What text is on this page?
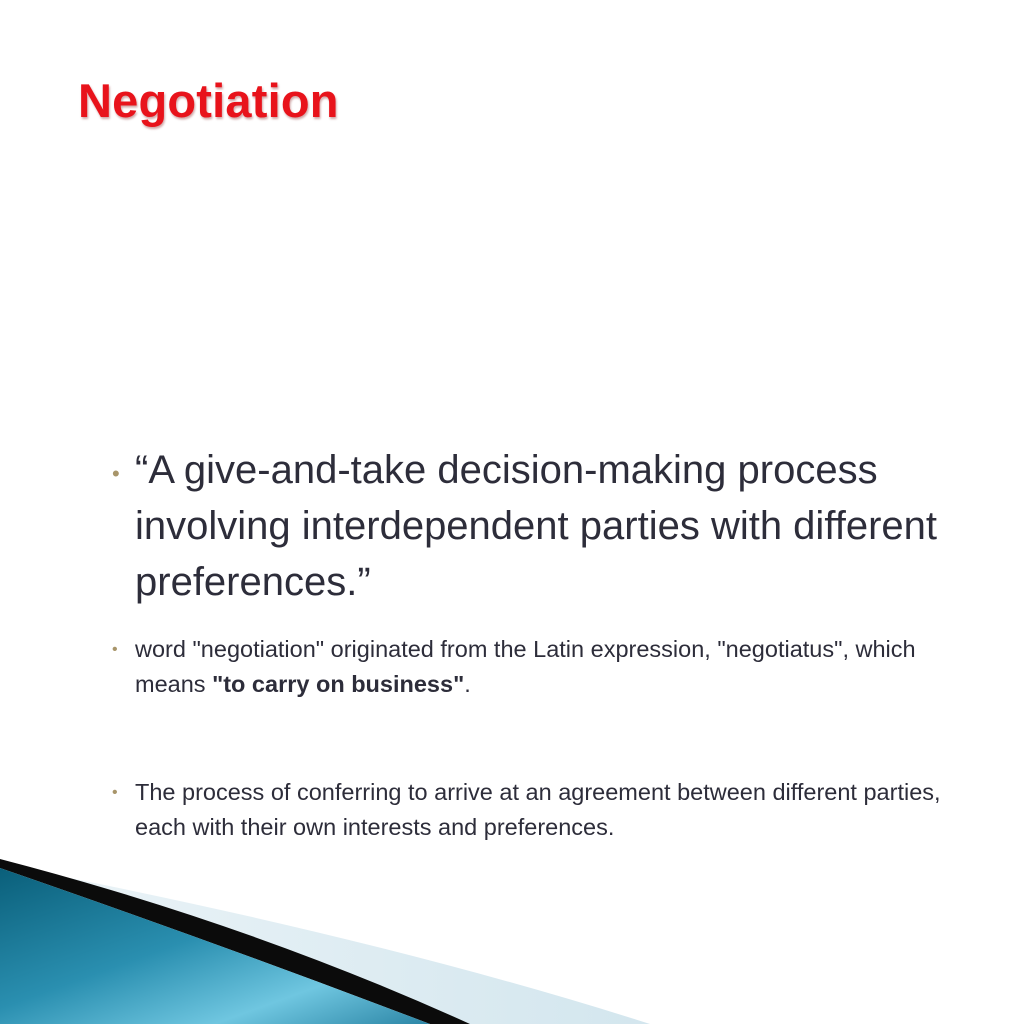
Negotiation
• “A give-and-take decision-making process involving interdependent parties with different preferences.”
• word "negotiation" originated from the Latin expression, "negotiatus", which means "to carry on business".
• The process of conferring to arrive at an agreement between different parties, each with their own interests and preferences.
